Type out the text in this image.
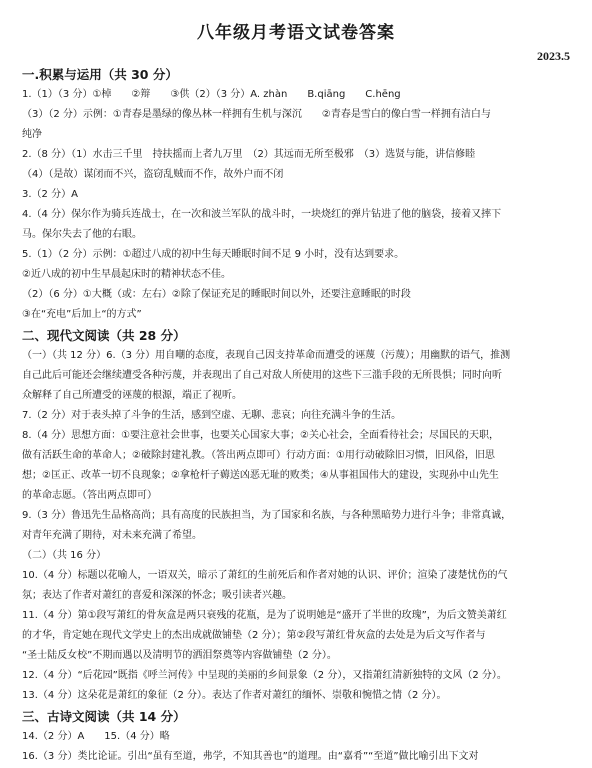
八年级月考语文试卷答案
2023.5
一.积累与运用（共 30 分）
1.（1）（3 分）①棹　　②辩　　③供（2）（3 分）A. zhàn　　B.qiāng　　C.hēng
（3）（2 分）示例：①青春是墨绿的像丛林一样拥有生机与深沉　　②青春是雪白的像白雪一样拥有洁白与
纯净
2.（8 分）（1）水击三千里　持扶摇而上者九万里　（2）其远而无所至极邪　（3）选贤与能，讲信修睦
（4）（是故）谋闭而不兴，盗窃乱贼而不作，故外户而不闭
3.（2 分）A
4.（4 分）保尔作为骑兵连战士，在一次和波兰军队的战斗时，一块烧红的弹片钻进了他的脑袋，接着又摔下
马。保尔失去了他的右眼。
5.（1）（2 分）示例：①超过八成的初中生每天睡眠时间不足 9 小时，没有达到要求。
②近八成的初中生早晨起床时的精神状态不佳。
（2）（6 分）①大概（或：左右）②除了保证充足的睡眠时间以外，还要注意睡眠的时段
③在“充电”后加上“的方式”
二、现代文阅读（共 28 分）
（一）（共 12 分）6.（3 分）用自嘲的态度，表现自己因支持革命而遭受的诬蔑（污蔑）；用幽默的语气，推测
自己此后可能还会继续遭受各种污蔑，并表现出了自己对敌人所使用的这些下三滥手段的无所畏惧；同时向听
众解释了自己所遭受的诬蔑的根源，端正了视听。
7.（2 分）对于表头掉了斗争的生活，感到空虚、无聊、悲哀；向往充满斗争的生活。
8.（4 分）思想方面：①要注意社会世事，也要关心国家大事；②关心社会，全面看待社会；尽国民的天职，
做有活跃生命的革命人；②破除封建礼教。（答出两点即可）行动方面：①用行动破除旧习惯，旧风俗，旧思
想；②匡正、改革一切不良现象；②拿枪杆子薅送凶恶无耻的败类；④从事祖国伟大的建设，实现孙中山先生
的革命志愿。（答出两点即可）
9.（3 分）鲁迅先生品格高尚；具有高度的民族担当，为了国家和名族，与各种黑暗势力进行斗争；非常真诚，
对青年充满了期待，对未来充满了希望。
（二）（共 16 分）
10.（4 分）标题以花喻人，一语双关，暗示了萧红的生前死后和作者对她的认识、评价；渲染了凄楚忧伤的气
氛；表达了作者对萧红的喜爱和深深的怀念；吸引读者兴趣。
11.（4 分）第①段写萧红的骨灰盒是两只衰残的花瓶，是为了说明她是“盛开了半世的玫瑰”，为后文赞美萧红
的才华，肯定她在现代文学史上的杰出成就做铺垫（2 分）；第②段写萧红骨灰盒的去处是为后文写作者与
“圣士陆反女校”不期而遇以及清明节的洒泪祭奠等内容做铺垫（2 分）。
12.（4 分）“后花园”既指《呼兰河传》中呈现的美丽的乡间景象（2 分），又指萧红清新独特的文风（2 分）。
13.（4 分）这朵花是萧红的象征（2 分）。表达了作者对萧红的缅怀、崇敬和惋惜之情（2 分）。
三、古诗文阅读（共 14 分）
14.（2 分）A　　15.（4 分）略
16.（3 分）类比论证。引出“虽有至道，弗学，不知其善也”的道理。由“嘉肴”“至道”做比喻引出下文对
